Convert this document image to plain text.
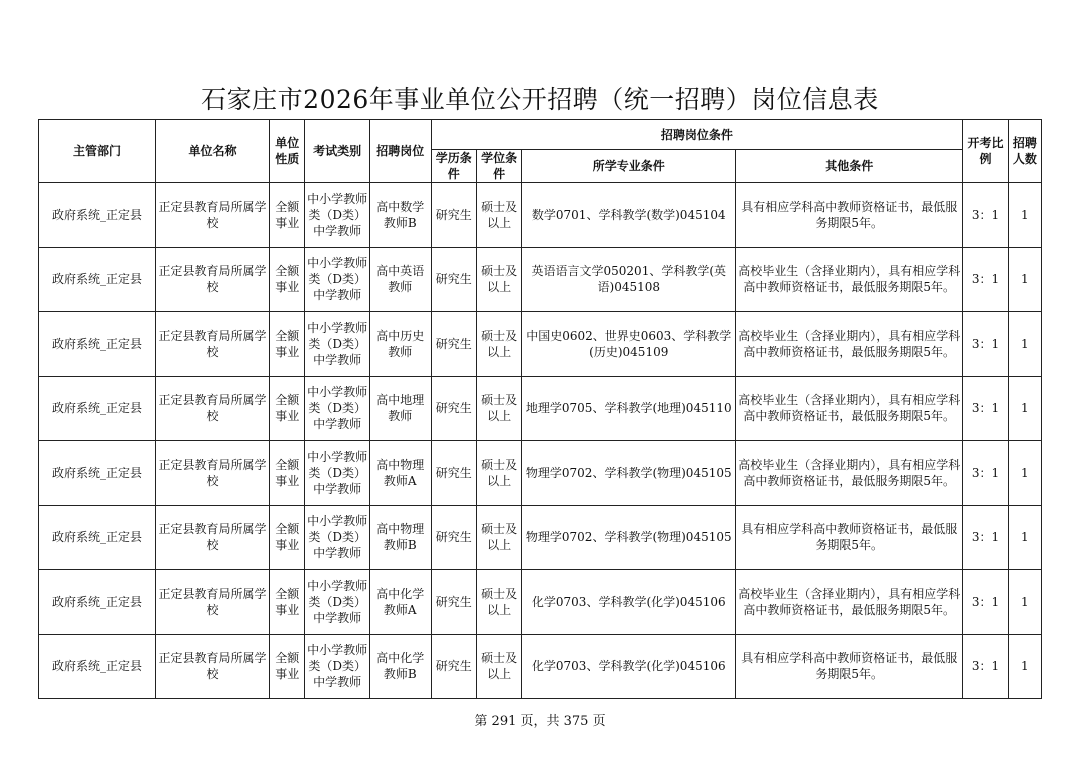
石家庄市2026年事业单位公开招聘（统一招聘）岗位信息表
主管部门	单位名称	单位性质	考试类别	招聘岗位	招聘岗位条件				开考比例	招聘人数
					学历条件	学位条件	所学专业条件	其他条件		
政府系统_正定县	正定县教育局所属学校	全额事业	中小学教师类（D类）中学教师	高中数学教师B	研究生	硕士及以上	数学0701、学科教学(数学)045104	具有相应学科高中教师资格证书，最低服务期限5年。	3：1	1
政府系统_正定县	正定县教育局所属学校	全额事业	中小学教师类（D类）中学教师	高中英语教师	研究生	硕士及以上	英语语言文学050201、学科教学(英语)045108	高校毕业生（含择业期内），具有相应学科高中教师资格证书，最低服务期限5年。	3：1	1
政府系统_正定县	正定县教育局所属学校	全额事业	中小学教师类（D类）中学教师	高中历史教师	研究生	硕士及以上	中国史0602、世界史0603、学科教学(历史)045109	高校毕业生（含择业期内），具有相应学科高中教师资格证书，最低服务期限5年。	3：1	1
政府系统_正定县	正定县教育局所属学校	全额事业	中小学教师类（D类）中学教师	高中地理教师	研究生	硕士及以上	地理学0705、学科教学(地理)045110	高校毕业生（含择业期内），具有相应学科高中教师资格证书，最低服务期限5年。	3：1	1
政府系统_正定县	正定县教育局所属学校	全额事业	中小学教师类（D类）中学教师	高中物理教师A	研究生	硕士及以上	物理学0702、学科教学(物理)045105	高校毕业生（含择业期内），具有相应学科高中教师资格证书，最低服务期限5年。	3：1	1
政府系统_正定县	正定县教育局所属学校	全额事业	中小学教师类（D类）中学教师	高中物理教师B	研究生	硕士及以上	物理学0702、学科教学(物理)045105	具有相应学科高中教师资格证书，最低服务期限5年。	3：1	1
政府系统_正定县	正定县教育局所属学校	全额事业	中小学教师类（D类）中学教师	高中化学教师A	研究生	硕士及以上	化学0703、学科教学(化学)045106	高校毕业生（含择业期内），具有相应学科高中教师资格证书，最低服务期限5年。	3：1	1
政府系统_正定县	正定县教育局所属学校	全额事业	中小学教师类（D类）中学教师	高中化学教师B	研究生	硕士及以上	化学0703、学科教学(化学)045106	具有相应学科高中教师资格证书，最低服务期限5年。	3：1	1
第 291 页，共 375 页
